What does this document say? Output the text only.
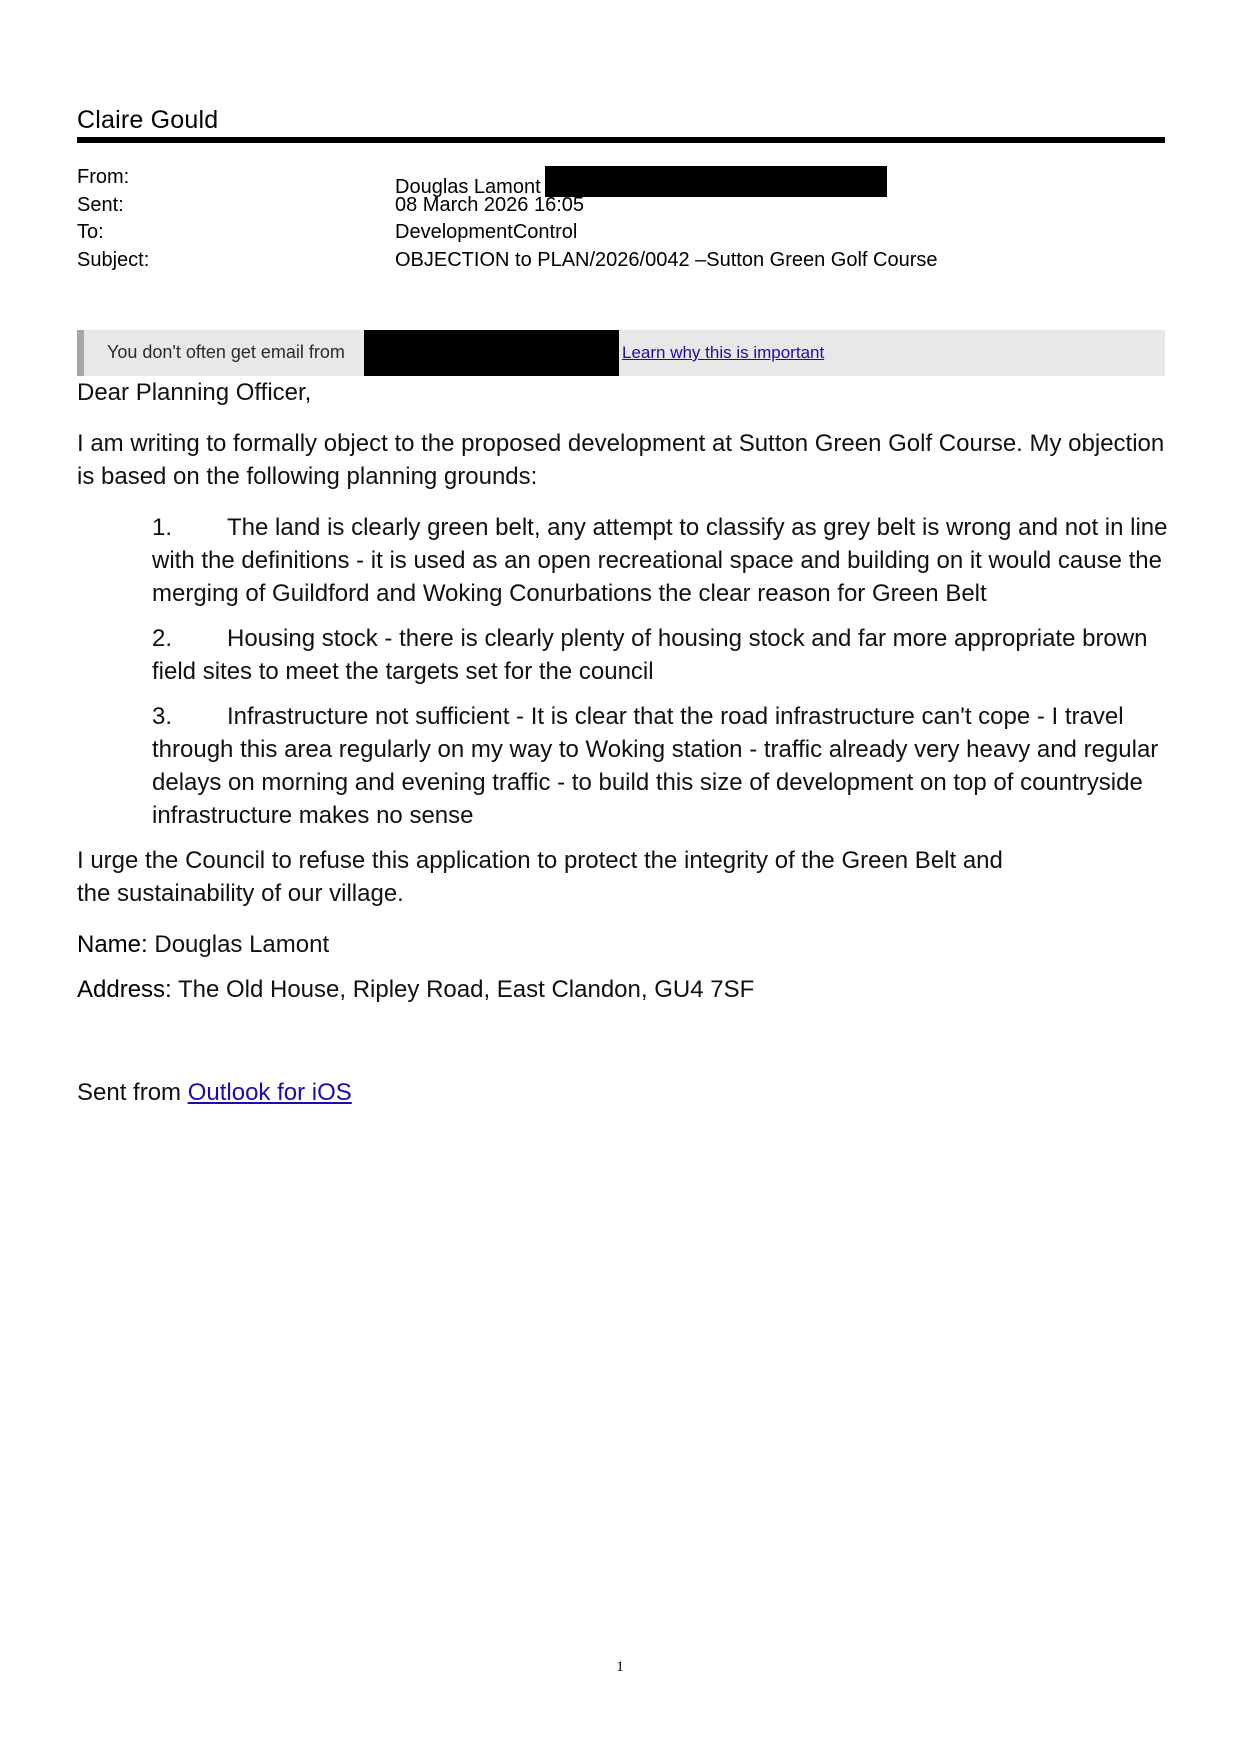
Claire Gould
From:	Douglas Lamont
Sent:	08 March 2026 16:05
To:	DevelopmentControl
Subject:	OBJECTION to PLAN/2026/0042 –Sutton Green Golf Course
You don't often get email from	Learn why this is important

Dear Planning Officer,

I am writing to formally object to the proposed development at Sutton Green Golf Course. My objection is based on the following planning grounds:

1. The land is clearly green belt, any attempt to classify as grey belt is wrong and not in line with the definitions - it is used as an open recreational space and building on it would cause the merging of Guildford and Woking Conurbations the clear reason for Green Belt
2. Housing stock - there is clearly plenty of housing stock and far more appropriate brown field sites to meet the targets set for the council
3. Infrastructure not sufficient - It is clear that the road infrastructure can't cope - I travel through this area regularly on my way to Woking station - traffic already very heavy and regular delays on morning and evening traffic - to build this size of development on top of countryside infrastructure makes no sense

I urge the Council to refuse this application to protect the integrity of the Green Belt and the sustainability of our village.

Name: Douglas Lamont

Address: The Old House, Ripley Road, East Clandon, GU4 7SF

Sent from Outlook for iOS

1
